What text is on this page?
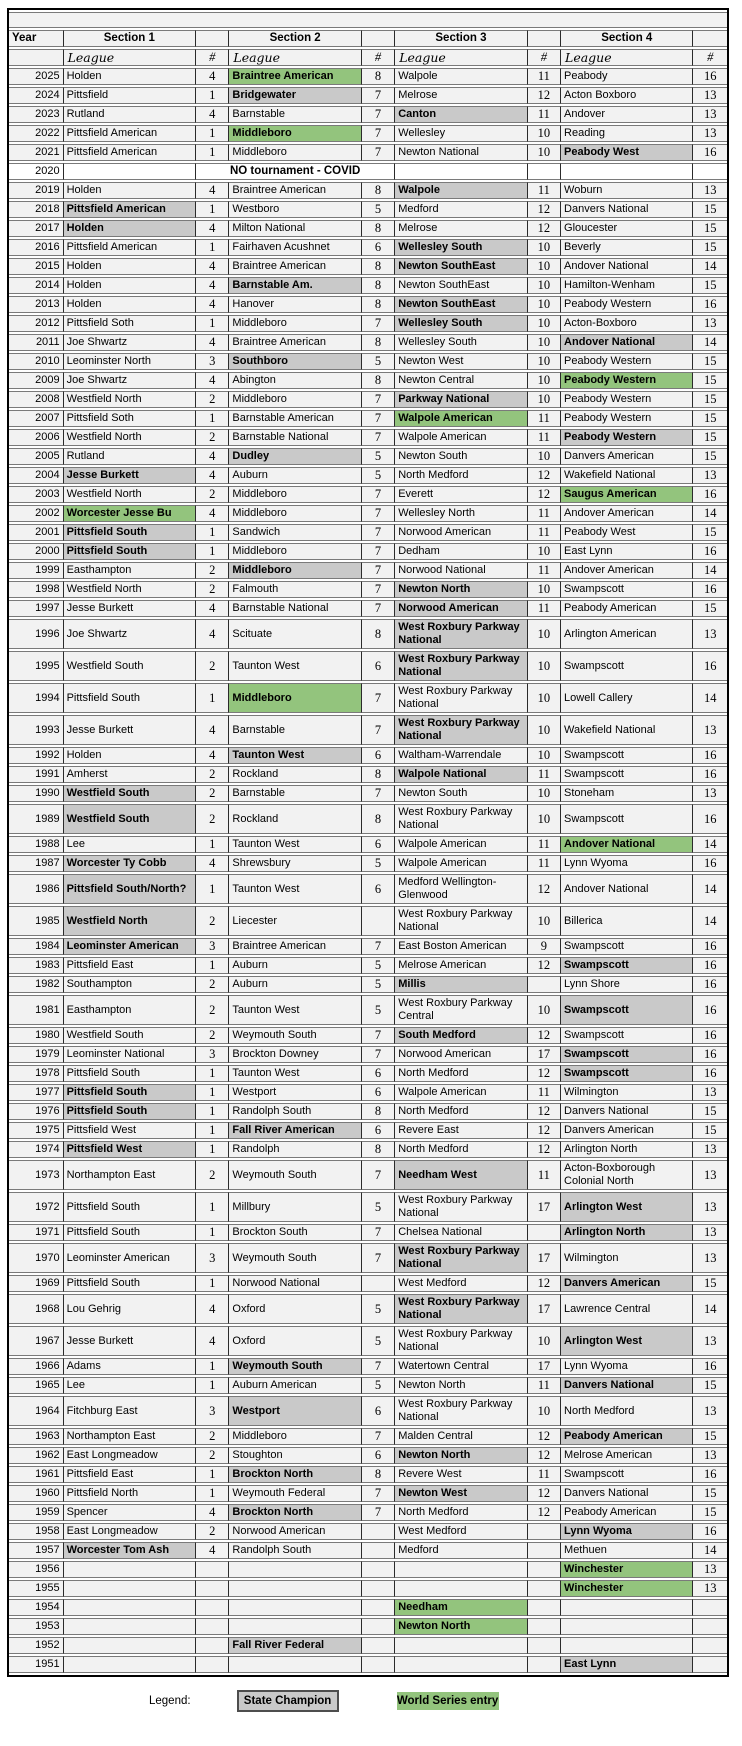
Year	Section 1		Section 2		Section 3		Section 4	
	League	#	League	#	League	#	League	#
2025	Holden	4	Braintree American	8	Walpole	11	Peabody	16
2024	Pittsfield	1	Bridgewater	7	Melrose	12	Acton Boxboro	13
2023	Rutland	4	Barnstable	7	Canton	11	Andover	13
2022	Pittsfield American	1	Middleboro	7	Wellesley	10	Reading	13
2021	Pittsfield American	1	Middleboro	7	Newton National	10	Peabody West	16
2020		NO tournament - COVID						
2019	Holden	4	Braintree American	8	Walpole	11	Woburn	13
2018	Pittsfield American	1	Westboro	5	Medford	12	Danvers National	15
2017	Holden	4	Milton National	8	Melrose	12	Gloucester	15
2016	Pittsfield American	1	Fairhaven Acushnet	6	Wellesley South	10	Beverly	15
2015	Holden	4	Braintree American	8	Newton SouthEast	10	Andover National	14
2014	Holden	4	Barnstable Am.	8	Newton SouthEast	10	Hamilton-Wenham	15
2013	Holden	4	Hanover	8	Newton SouthEast	10	Peabody Western	16
2012	Pittsfield Soth	1	Middleboro	7	Wellesley South	10	Acton-Boxboro	13
2011	Joe Shwartz	4	Braintree American	8	Wellesley South	10	Andover National	14
2010	Leominster North	3	Southboro	5	Newton West	10	Peabody Western	15
2009	Joe Shwartz	4	Abington	8	Newton Central	10	Peabody Western	15
2008	Westfield North	2	Middleboro	7	Parkway National	10	Peabody Western	15
2007	Pittsfield Soth	1	Barnstable American	7	Walpole American	11	Peabody Western	15
2006	Westfield North	2	Barnstable National	7	Walpole American	11	Peabody Western	15
2005	Rutland	4	Dudley	5	Newton South	10	Danvers American	15
2004	Jesse Burkett	4	Auburn	5	North Medford	12	Wakefield National	13
2003	Westfield North	2	Middleboro	7	Everett	12	Saugus American	16
2002	Worcester Jesse Bu	4	Middleboro	7	Wellesley North	11	Andover American	14
2001	Pittsfield South	1	Sandwich	7	Norwood American	11	Peabody West	15
2000	Pittsfield South	1	Middleboro	7	Dedham	10	East Lynn	16
1999	Easthampton	2	Middleboro	7	Norwood National	11	Andover American	14
1998	Westfield North	2	Falmouth	7	Newton North	10	Swampscott	16
1997	Jesse Burkett	4	Barnstable National	7	Norwood American	11	Peabody American	15
1996	Joe Shwartz	4	Scituate	8	West Roxbury Parkway National	10	Arlington American	13
1995	Westfield South	2	Taunton West	6	West Roxbury Parkway National	10	Swampscott	16
1994	Pittsfield South	1	Middleboro	7	West Roxbury Parkway National	10	Lowell Callery	14
1993	Jesse Burkett	4	Barnstable	7	West Roxbury Parkway National	10	Wakefield National	13
1992	Holden	4	Taunton West	6	Waltham-Warrendale	10	Swampscott	16
1991	Amherst	2	Rockland	8	Walpole National	11	Swampscott	16
1990	Westfield South	2	Barnstable	7	Newton South	10	Stoneham	13
1989	Westfield South	2	Rockland	8	West Roxbury Parkway National	10	Swampscott	16
1988	Lee	1	Taunton West	6	Walpole American	11	Andover National	14
1987	Worcester Ty Cobb	4	Shrewsbury	5	Walpole American	11	Lynn Wyoma	16
1986	Pittsfield South/North?	1	Taunton West	6	Medford Wellington-Glenwood	12	Andover National	14
1985	Westfield North	2	Liecester		West Roxbury Parkway National	10	Billerica	14
1984	Leominster American	3	Braintree American	7	East Boston American	9	Swampscott	16
1983	Pittsfield East	1	Auburn	5	Melrose American	12	Swampscott	16
1982	Southampton	2	Auburn	5	Millis		Lynn Shore	16
1981	Easthampton	2	Taunton West	5	West Roxbury Parkway Central	10	Swampscott	16
1980	Westfield South	2	Weymouth South	7	South Medford	12	Swampscott	16
1979	Leominster National	3	Brockton Downey	7	Norwood American	17	Swampscott	16
1978	Pittsfield South	1	Taunton West	6	North Medford	12	Swampscott	16
1977	Pittsfield South	1	Westport	6	Walpole American	11	Wilmington	13
1976	Pittsfield South	1	Randolph South	8	North Medford	12	Danvers National	15
1975	Pittsfield West	1	Fall River American	6	Revere East	12	Danvers American	15
1974	Pittsfield West	1	Randolph	8	North Medford	12	Arlington North	13
1973	Northampton East	2	Weymouth South	7	Needham West	11	Acton-Boxborough Colonial North	13
1972	Pittsfield South	1	Millbury	5	West Roxbury Parkway National	17	Arlington West	13
1971	Pittsfield South	1	Brockton South	7	Chelsea National		Arlington North	13
1970	Leominster American	3	Weymouth South	7	West Roxbury Parkway National	17	Wilmington	13
1969	Pittsfield South	1	Norwood National		West Medford	12	Danvers American	15
1968	Lou Gehrig	4	Oxford	5	West Roxbury Parkway National	17	Lawrence Central	14
1967	Jesse Burkett	4	Oxford	5	West Roxbury Parkway National	10	Arlington West	13
1966	Adams	1	Weymouth South	7	Watertown Central	17	Lynn Wyoma	16
1965	Lee	1	Auburn American	5	Newton North	11	Danvers National	15
1964	Fitchburg East	3	Westport	6	West Roxbury Parkway National	10	North Medford	13
1963	Northampton East	2	Middleboro	7	Malden Central	12	Peabody American	15
1962	East Longmeadow	2	Stoughton	6	Newton North	12	Melrose American	13
1961	Pittsfield East	1	Brockton North	8	Revere West	11	Swampscott	16
1960	Pittsfield North	1	Weymouth Federal	7	Newton West	12	Danvers National	15
1959	Spencer	4	Brockton North	7	North Medford	12	Peabody American	15
1958	East Longmeadow	2	Norwood American		West Medford		Lynn Wyoma	16
1957	Worcester Tom Ash	4	Randolph South		Medford		Methuen	14
1956							Winchester	13
1955							Winchester	13
1954					Needham			
1953					Newton North			
1952			Fall River Federal					
1951							East Lynn	
Legend:	State Champion	World Series entry
